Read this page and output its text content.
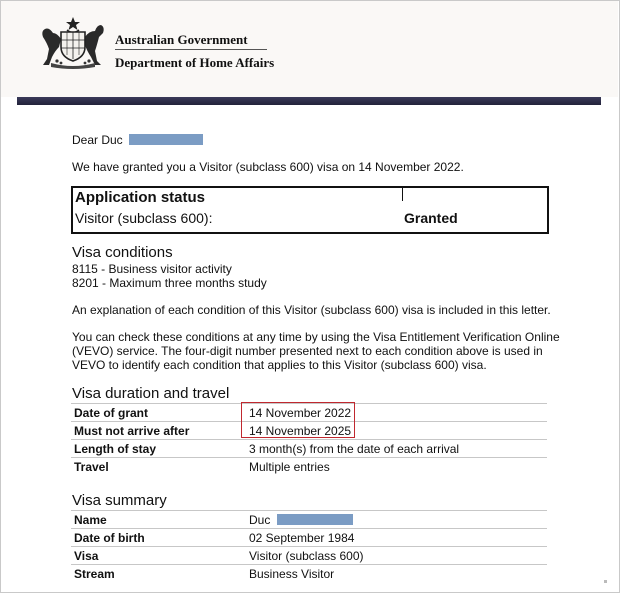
Australian Government
Department of Home Affairs
Dear Duc
We have granted you a Visitor (subclass 600) visa on 14 November 2022.
Application status
Visitor (subclass 600):	Granted
Visa conditions
8115 - Business visitor activity
8201 - Maximum three months study
An explanation of each condition of this Visitor (subclass 600) visa is included in this letter.
You can check these conditions at any time by using the Visa Entitlement Verification Online
(VEVO) service. The four-digit number presented next to each condition above is used in
VEVO to identify each condition that applies to this Visitor (subclass 600) visa.
Visa duration and travel
Date of grant	14 November 2022
Must not arrive after	14 November 2025
Length of stay	3 month(s) from the date of each arrival
Travel	Multiple entries
Visa summary
Name	Duc
Date of birth	02 September 1984
Visa	Visitor (subclass 600)
Stream	Business Visitor
